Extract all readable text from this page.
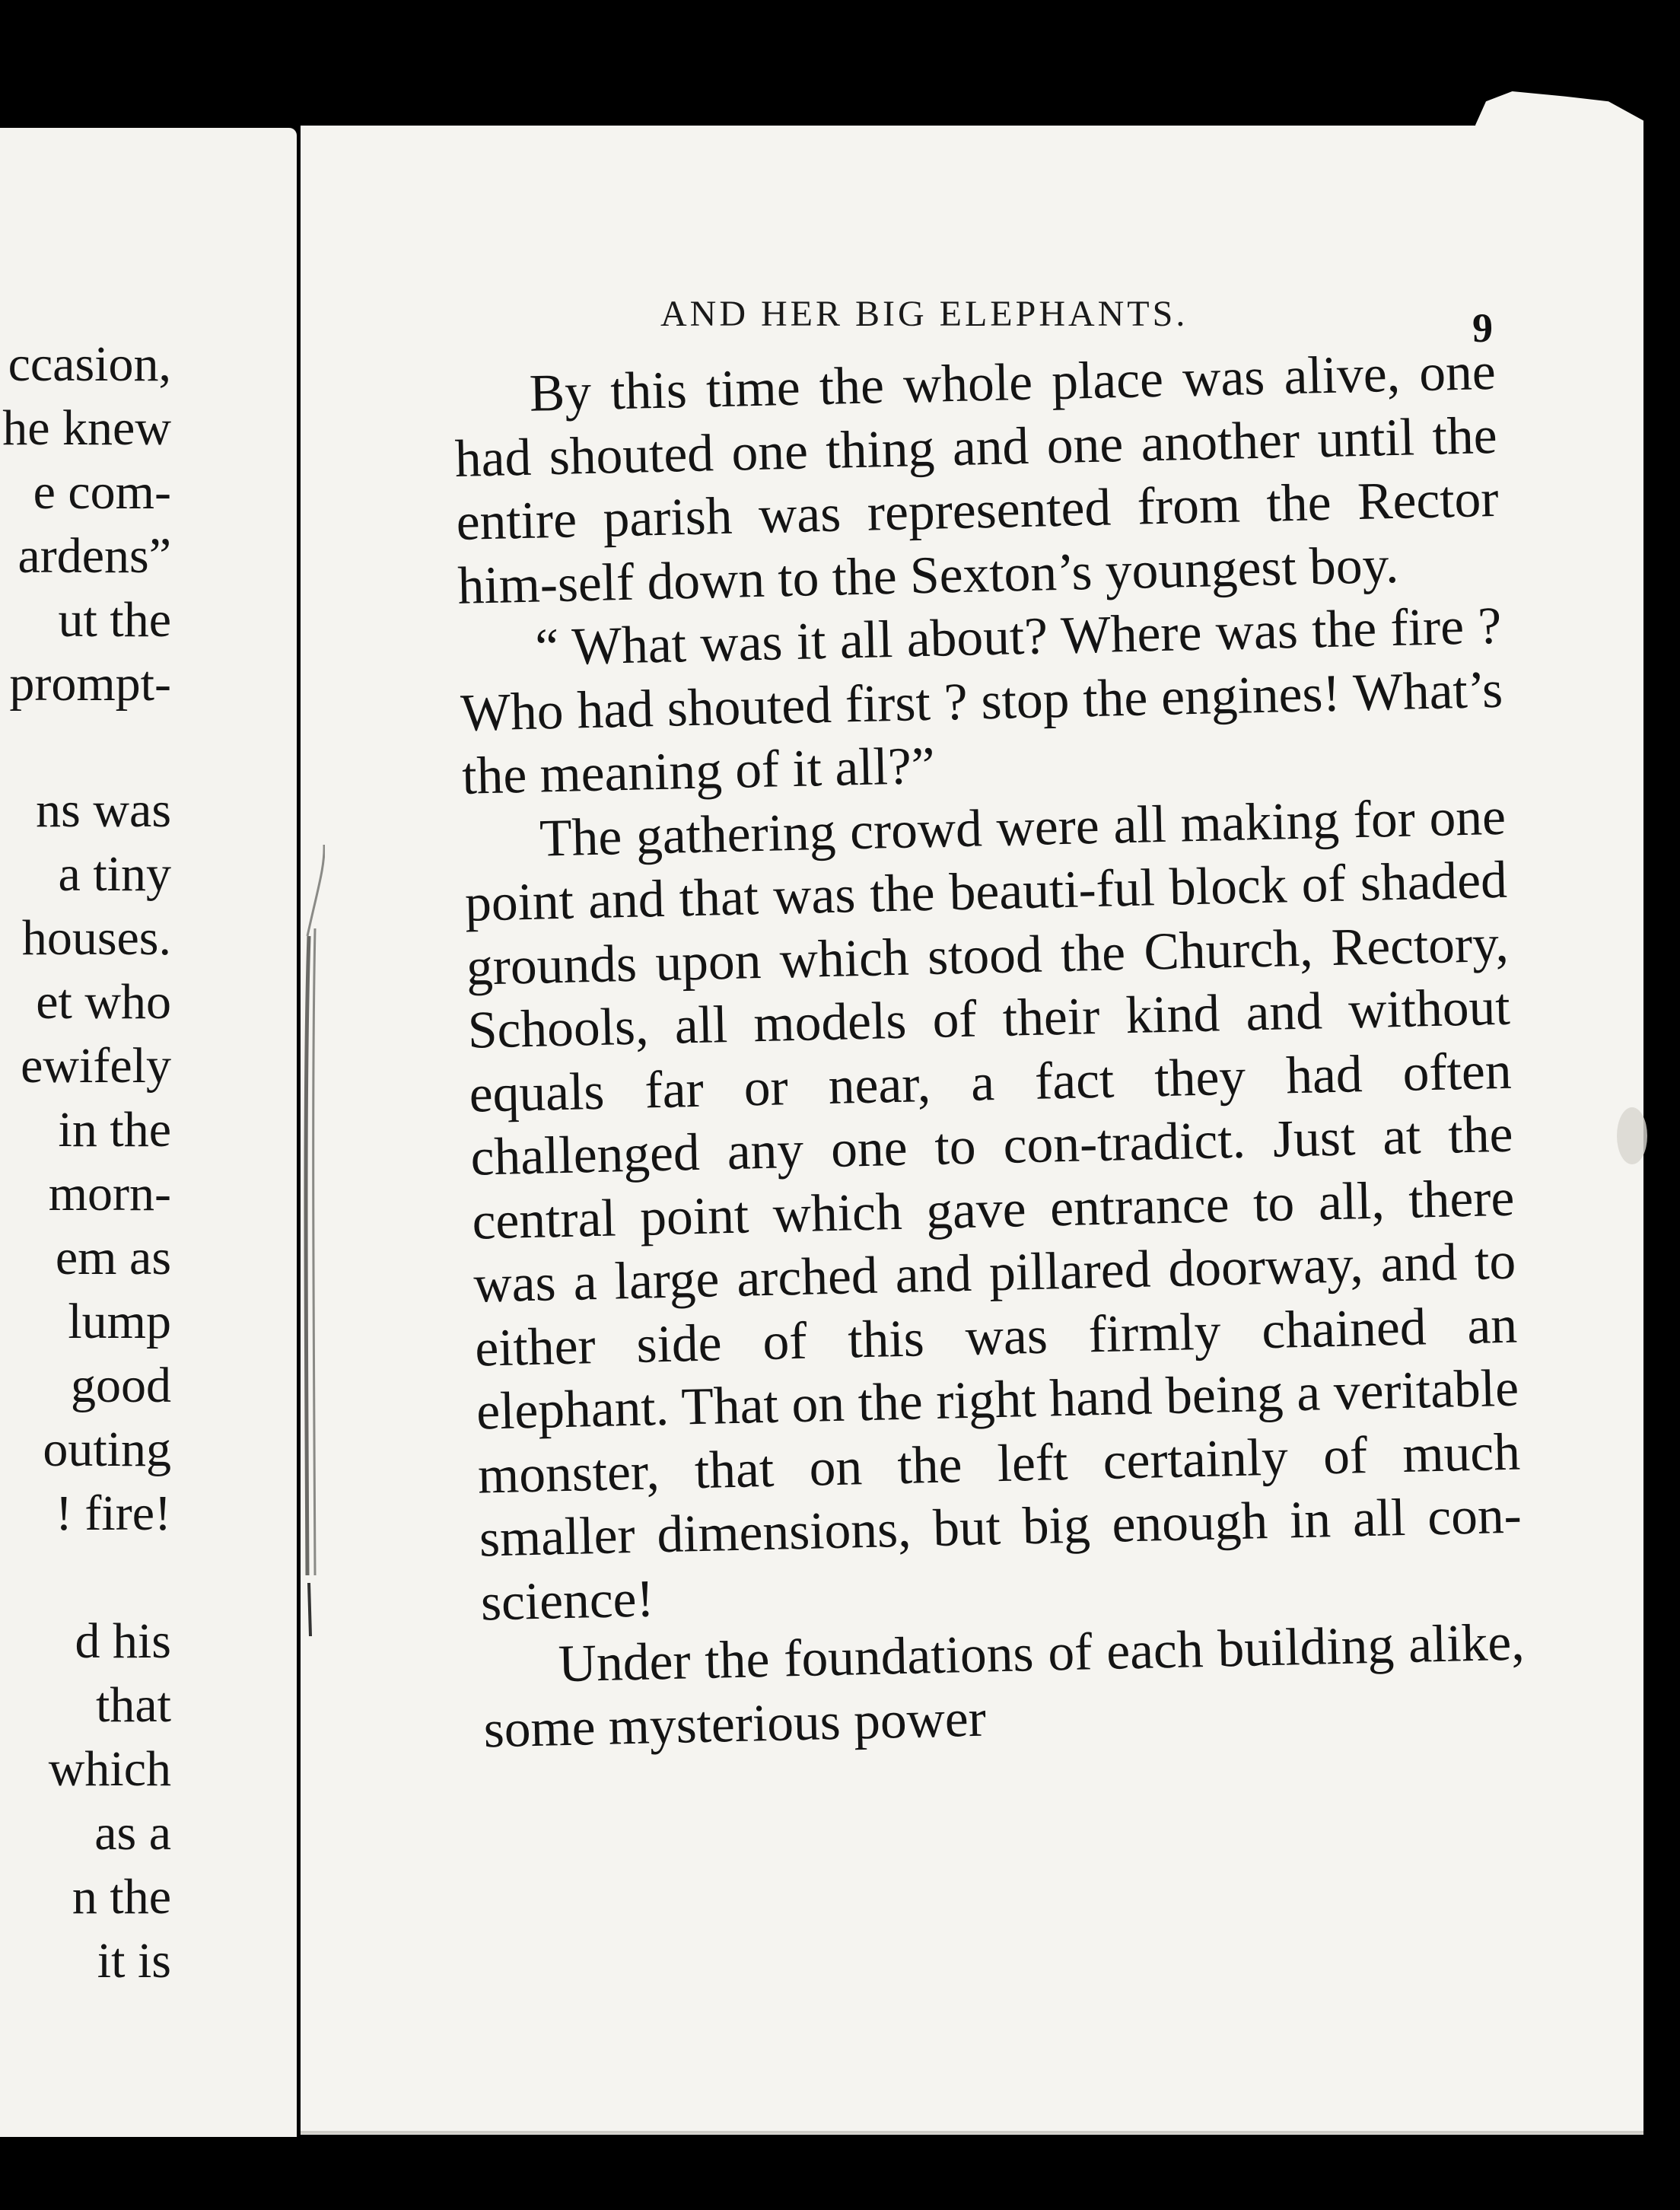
ccasion,
he knew
e com-
ardens”
ut the
prompt-
ns was
a tiny
houses.
et who
ewifely
in the
morn-
em as
lump
good
outing
! fire!
d his
that
which
as a
n the
it is
AND HER BIG ELEPHANTS.	9

By this time the whole place was alive, one had shouted one thing and one another until the entire parish was represented from the Rector him-self down to the Sexton’s youngest boy.

“ What was it all about? Where was the fire ? Who had shouted first ? stop the engines! What’s the meaning of it all?”

The gathering crowd were all making for one point and that was the beauti-ful block of shaded grounds upon which stood the Church, Rectory, Schools, all models of their kind and without equals far or near, a fact they had often challenged any one to con-tradict. Just at the central point which gave entrance to all, there was a large arched and pillared doorway, and to either side of this was firmly chained an elephant. That on the right hand being a veritable monster, that on the left certainly of much smaller dimensions, but big enough in all con-science!

Under the foundations of each building alike, some mysterious power
